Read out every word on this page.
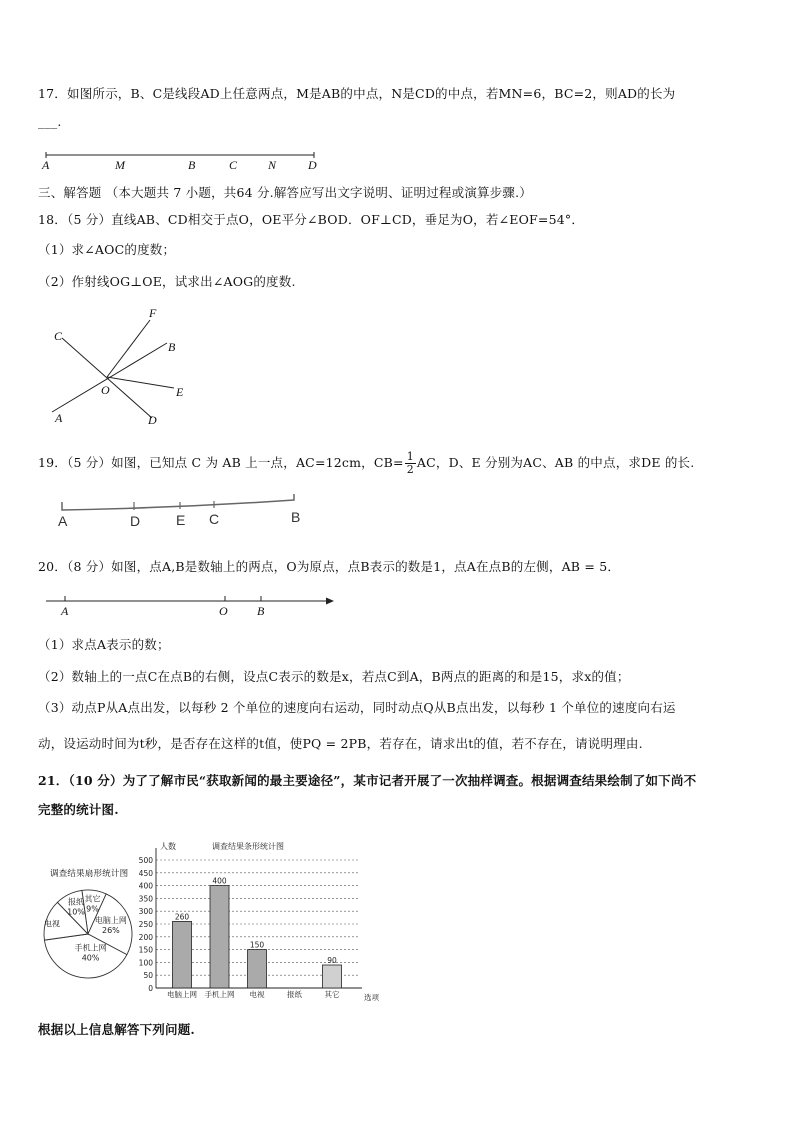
17．如图所示，B、C是线段AD上任意两点，M是AB的中点，N是CD的中点，若MN=6，BC=2，则AD的长为
___.
A	M	B	C	N	D
三、解答题 （本大题共 7 小题，共64 分.解答应写出文字说明、证明过程或演算步骤.）
18．（5 分）直线AB、CD相交于点O，OE平分∠BOD．OF⊥CD，垂足为O，若∠EOF=54°．
（1）求∠AOC的度数；
（2）作射线OG⊥OE，试求出∠AOG的度数.
F
C
B
O	E
A	D
19．（5 分）如图，已知点 C 为 AB 上一点，AC=12cm，$CB= \frac{1}{2}$ AC，D、E 分别为AC、AB 的中点，求DE 的长.
A	D	E C	B
20．（8 分）如图，点A,B是数轴上的两点，O为原点，点B表示的数是1，点A在点B的左侧，AB = 5．
A	O B
（1）求点A表示的数；
（2）数轴上的一点C在点B的右侧，设点C表示的数是x，若点C到A，B两点的距离的和是15，求x的值；
（3）动点P从A点出发，以每秒 2 个单位的速度向右运动，同时动点Q从B点出发，以每秒 1 个单位的速度向右运
动，设运动时间为t秒，是否存在这样的t值，使PQ = 2PB，若存在，请求出t的值，若不存在，请说明理由.
21．（10 分）为了了解市民“获取新闻的最主要途径”，某市记者开展了一次抽样调查。根据调查结果绘制了如下尚不
完整的统计图.
其它
9%
电脑上网
26%
手机上网
40%
电视
报纸
10%
调查结果扇形统计图
0
50
100
150
200
250
300
350
400
450
500
人数	调查结果条形统计图
选项
260
电脑上网
400
手机上网
150
电视	报纸
90
其它
根据以上信息解答下列问题.
